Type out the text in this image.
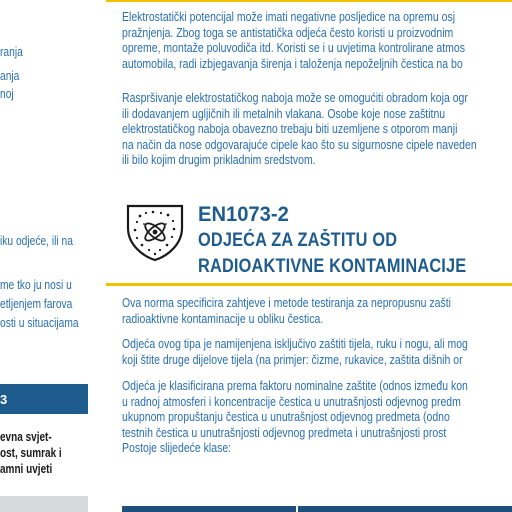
ranja
anja
noj
iku odjeće, ili na
me tko ju nosi u
etljenjem farova
osti u situacijama
3
evna svjet-
ost, sumrak i
amni uvjeti
Elektrostatički potencijal može imati negativne posljedice na opremu osj
pražnjenja. Zbog toga se antistatička odjeća često koristi u proizvodnim
opreme, montaže poluvodiča itd. Koristi se i u uvjetima kontrolirane atmos
automobila, radi izbjegavanja širenja i taloženja nepoželjnih čestica na bo
Raspršivanje elektrostatičkog naboja može se omogućiti obradom koja ogr
ili dodavanjem ugljičnih ili metalnih vlakana. Osobe koje nose zaštitnu
elektrostatičkog naboja obavezno trebaju biti uzemljene s otporom manji
na način da nose odgovarajuće cipele kao što su sigurnosne cipele naveden
ili bilo kojim drugim prikladnim sredstvom.
EN1073-2
ODJEĆA ZA ZAŠTITU OD
RADIOAKTIVNE KONTAMINACIJE
Ova norma specificira zahtjeve i metode testiranja za nepropusnu zašti
radioaktivne kontaminacije u obliku čestica.
Odjeća ovog tipa je namijenjena isključivo zaštiti tijela, ruku i nogu, ali mog
koji štite druge dijelove tijela (na primjer: čizme, rukavice, zaštita dišnih or
Odjeća je klasificirana prema faktoru nominalne zaštite (odnos između kon
u radnoj atmosferi i koncentracije čestica u unutrašnjosti odjevnog predm
ukupnom propuštanju čestica u unutrašnjost odjevnog predmeta (odno
testnih čestica u unutrašnjosti odjevnog predmeta i unutrašnjosti prost
Postoje slijedeće klase:
